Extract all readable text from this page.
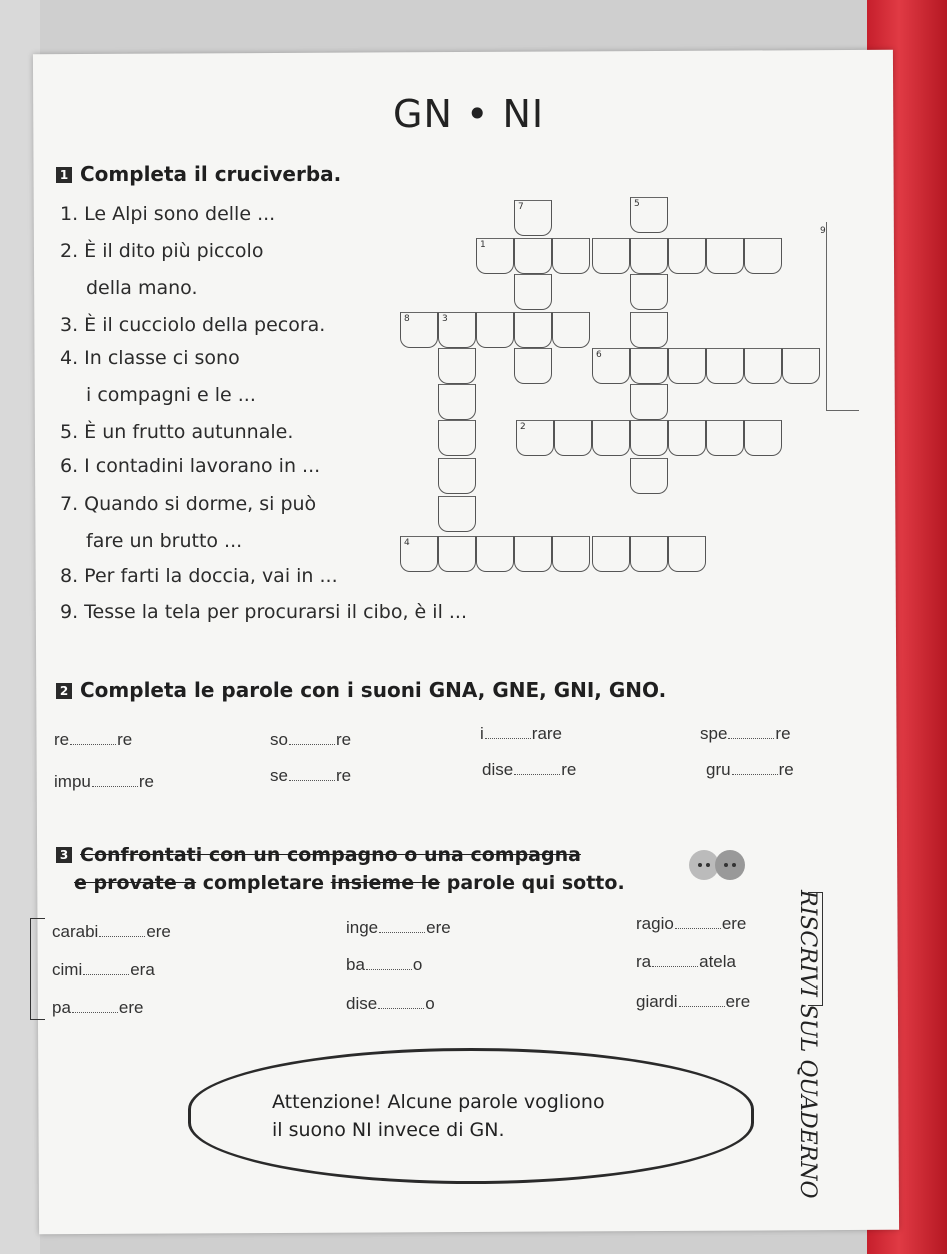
GN • NI
1 Completa il cruciverba.
1. Le Alpi sono delle ...
2. È il dito più piccolo
della mano.
3. È il cucciolo della pecora.
4. In classe ci sono
i compagni e le ...
5. È un frutto autunnale.
6. I contadini lavorano in ...
7. Quando si dorme, si può
fare un brutto ...
8. Per farti la doccia, vai in ...
9. Tesse la tela per procurarsi il cibo, è il ...
7	5
1
9
8	3
6
2
4
2 Completa le parole con i suoni GNA, GNE, GNI, GNO.
re	re	so	re	i	rare	spe	re
impu	re	se	re	dise	re	gru	re
3 Confrontati con un compagno o una compagna
e provate a completare insieme le parole qui sotto.
carabi	ere	inge	ere	ragio	ere
cimi	era	ba	o	ra	atela
pa	ere	dise	o	giardi	ere
Attenzione! Alcune parole vogliono
il suono NI invece di GN.
